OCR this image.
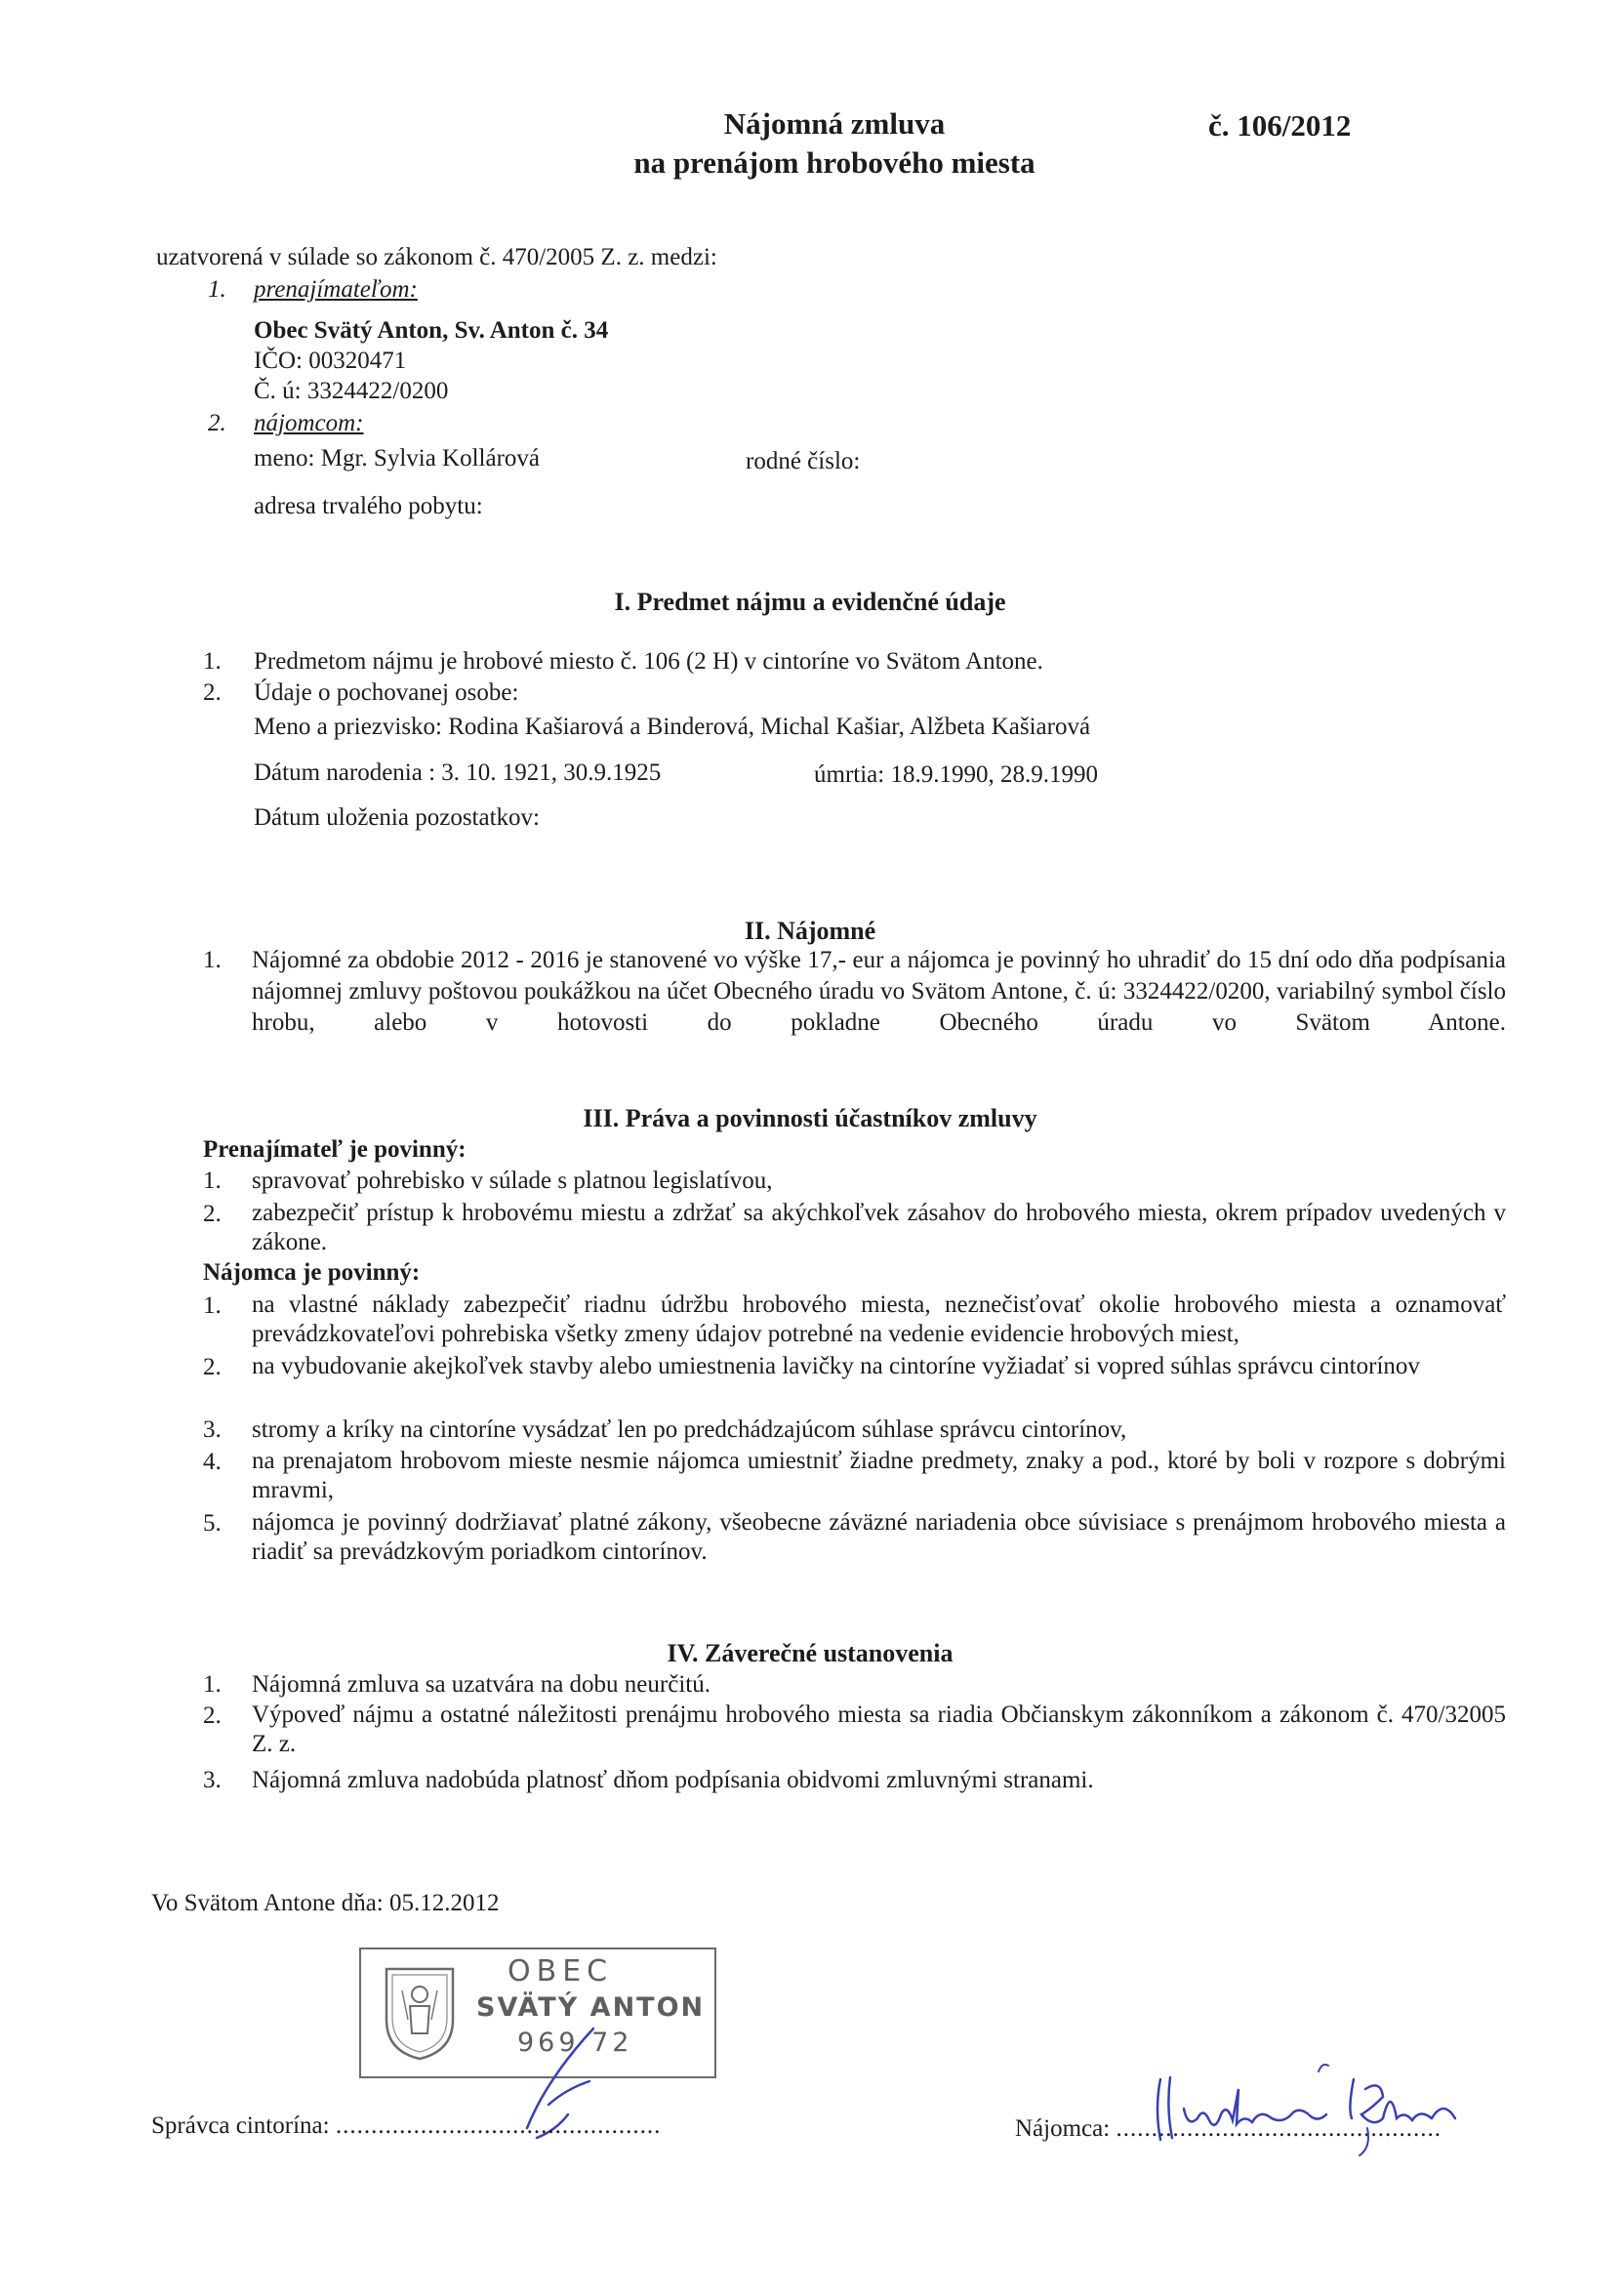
Nájomná zmluva
na prenájom hrobového miesta
č. 106/2012
uzatvorená v súlade so zákonom č. 470/2005 Z. z. medzi:
1. prenajímateľom:
Obec Svätý Anton, Sv. Anton č. 34
IČO: 00320471
Č. ú: 3324422/0200
2. nájomcom:
meno: Mgr. Sylvia Kollárová	rodné číslo:
adresa trvalého pobytu:
I. Predmet nájmu a evidenčné údaje
1. Predmetom nájmu je hrobové miesto č. 106 (2 H) v cintoríne vo Svätom Antone.
2. Údaje o pochovanej osobe:
Meno a priezvisko: Rodina Kašiarová a Binderová, Michal Kašiar, Alžbeta Kašiarová
Dátum narodenia : 3. 10. 1921, 30.9.1925	úmrtia: 18.9.1990, 28.9.1990
Dátum uloženia pozostatkov:
II. Nájomné
1. Nájomné za obdobie 2012 - 2016 je stanovené vo výške 17,- eur a nájomca je povinný ho uhradiť do 15 dní odo dňa podpísania nájomnej zmluvy poštovou poukážkou na účet Obecného úradu vo Svätom Antone, č. ú: 3324422/0200, variabilný symbol číslo hrobu, alebo v hotovosti do pokladne Obecného úradu vo Svätom Antone.
III. Práva a povinnosti účastníkov zmluvy
Prenajímateľ je povinný:
1. spravovať pohrebisko v súlade s platnou legislatívou,
2. zabezpečiť prístup k hrobovému miestu a zdržať sa akýchkoľvek zásahov do hrobového miesta, okrem prípadov uvedených v zákone.
Nájomca je povinný:
1. na vlastné náklady zabezpečiť riadnu údržbu hrobového miesta, neznečisťovať okolie hrobového miesta a oznamovať prevádzkovateľovi pohrebiska všetky zmeny údajov potrebné na vedenie evidencie hrobových miest,
2. na vybudovanie akejkoľvek stavby alebo umiestnenia lavičky na cintoríne vyžiadať si vopred súhlas správcu cintorínov
3. stromy a kríky na cintoríne vysádzať len po predchádzajúcom súhlase správcu cintorínov,
4. na prenajatom hrobovom mieste nesmie nájomca umiestniť žiadne predmety, znaky a pod., ktoré by boli v rozpore s dobrými mravmi,
5. nájomca je povinný dodržiavať platné zákony, všeobecne záväzné nariadenia obce súvisiace s prenájmom hrobového miesta a riadiť sa prevádzkovým poriadkom cintorínov.
IV. Záverečné ustanovenia
1. Nájomná zmluva sa uzatvára na dobu neurčitú.
2. Výpoveď nájmu a ostatné náležitosti prenájmu hrobového miesta sa riadia Občianskym zákonníkom a zákonom č. 470/32005 Z. z.
3. Nájomná zmluva nadobúda platnosť dňom podpísania obidvomi zmluvnými stranami.
Vo Svätom Antone dňa: 05.12.2012
OBEC
SVÄTÝ ANTON
969 72
Správca cintorína: ..............................................	Nájomca: ..............................................
